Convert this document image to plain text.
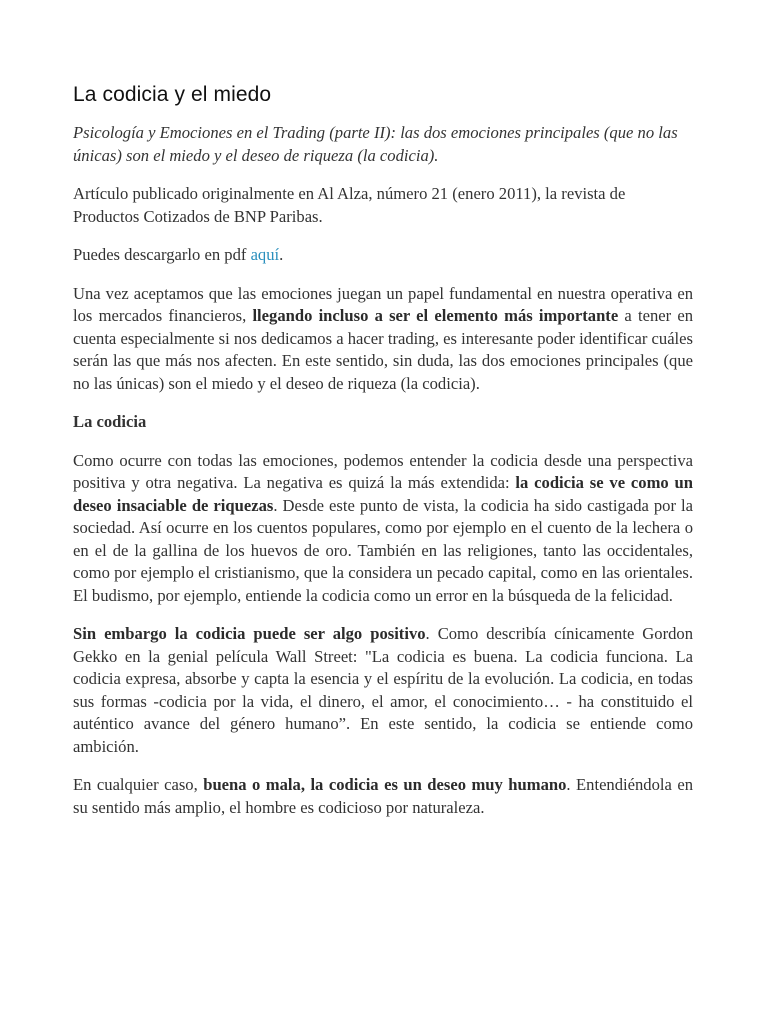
La codicia y el miedo

Psicología y Emociones en el Trading (parte II): las dos emociones principales (que no las únicas) son el miedo y el deseo de riqueza (la codicia).

Artículo publicado originalmente en Al Alza, número 21 (enero 2011), la revista de Productos Cotizados de BNP Paribas.

Puedes descargarlo en pdf aquí.

Una vez aceptamos que las emociones juegan un papel fundamental en nuestra operativa en los mercados financieros, llegando incluso a ser el elemento más importante a tener en cuenta especialmente si nos dedicamos a hacer trading, es interesante poder identificar cuáles serán las que más nos afecten. En este sentido, sin duda, las dos emociones principales (que no las únicas) son el miedo y el deseo de riqueza (la codicia).

La codicia

Como ocurre con todas las emociones, podemos entender la codicia desde una perspectiva positiva y otra negativa. La negativa es quizá la más extendida: la codicia se ve como un deseo insaciable de riquezas. Desde este punto de vista, la codicia ha sido castigada por la sociedad. Así ocurre en los cuentos populares, como por ejemplo en el cuento de la lechera o en el de la gallina de los huevos de oro. También en las religiones, tanto las occidentales, como por ejemplo el cristianismo, que la considera un pecado capital, como en las orientales. El budismo, por ejemplo, entiende la codicia como un error en la búsqueda de la felicidad.

Sin embargo la codicia puede ser algo positivo. Como describía cínicamente Gordon Gekko en la genial película Wall Street: "La codicia es buena. La codicia funciona. La codicia expresa, absorbe y capta la esencia y el espíritu de la evolución. La codicia, en todas sus formas -codicia por la vida, el dinero, el amor, el conocimiento… - ha constituido el auténtico avance del género humano”. En este sentido, la codicia se entiende como ambición.

En cualquier caso, buena o mala, la codicia es un deseo muy humano. Entendiéndola en su sentido más amplio, el hombre es codicioso por naturaleza.
